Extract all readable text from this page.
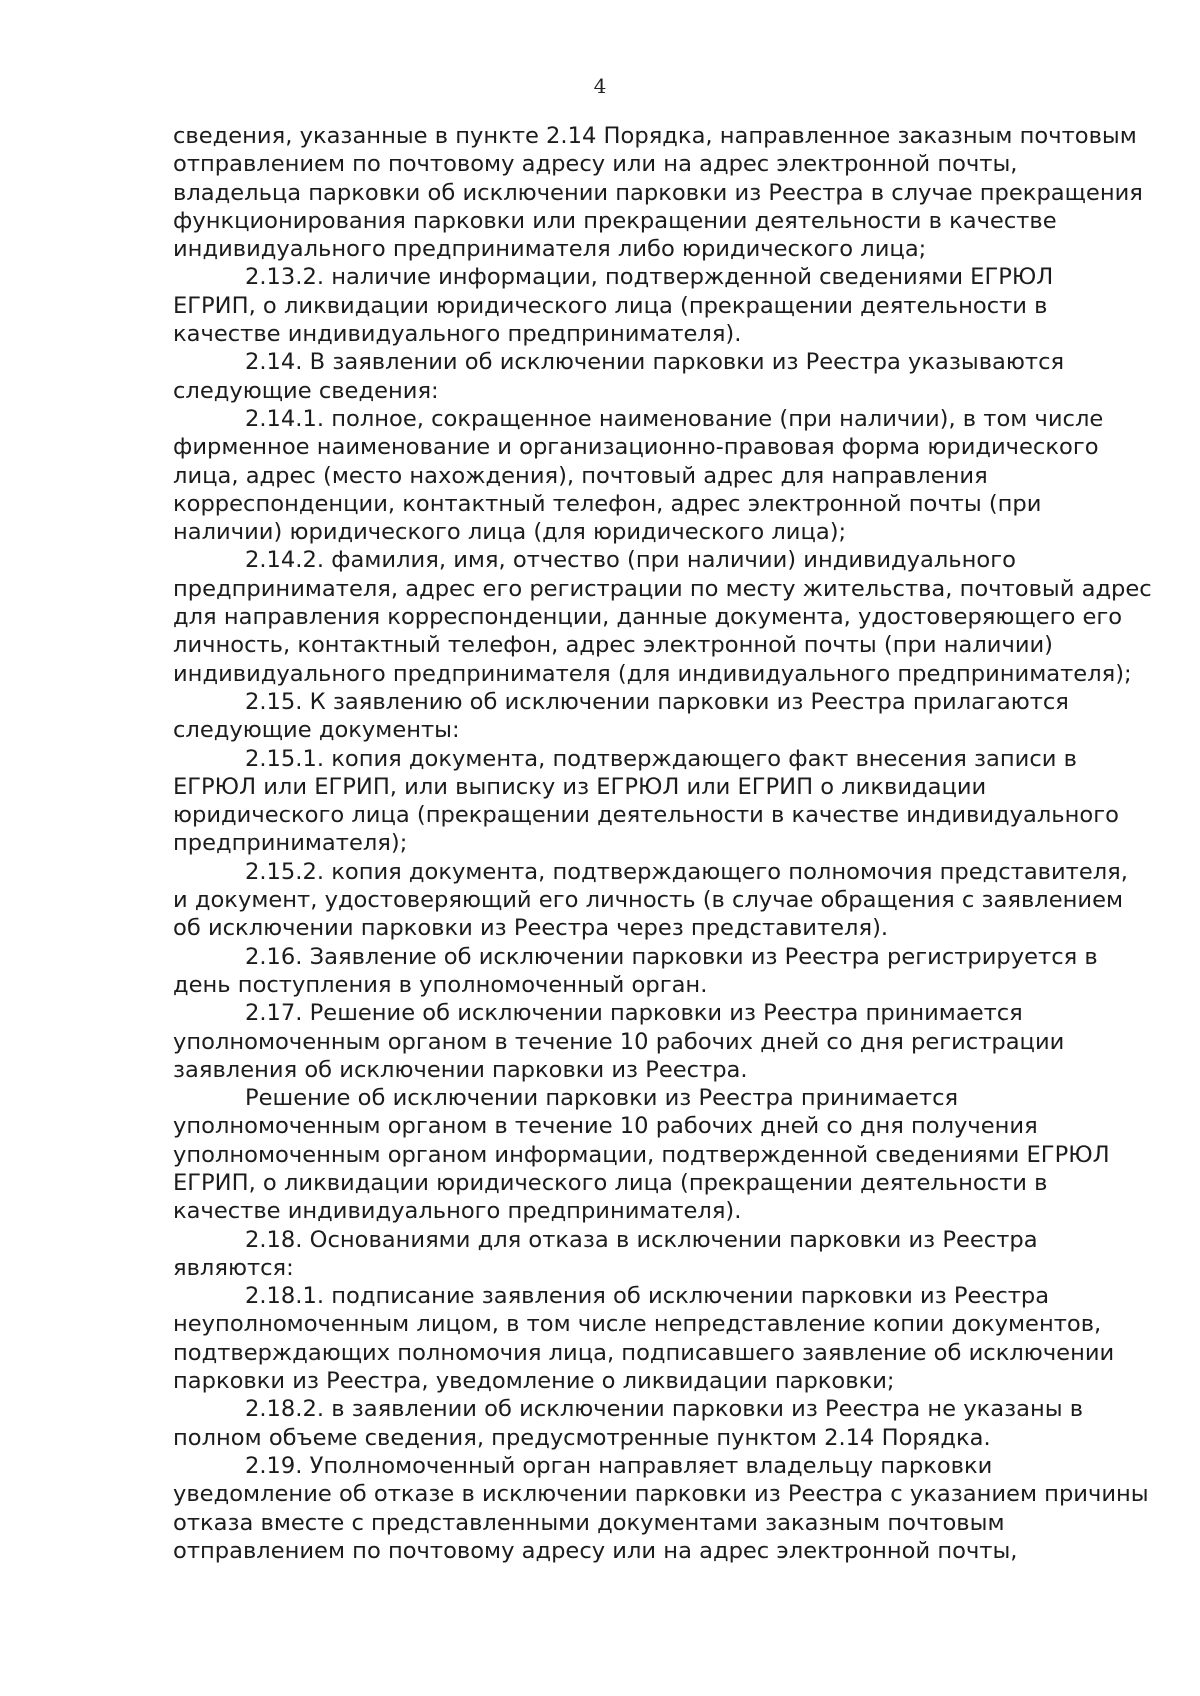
4

сведения, указанные в пункте 2.14 Порядка, направленное заказным почтовым
отправлением по почтовому адресу или на адрес электронной почты,
владельца парковки об исключении парковки из Реестра в случае прекращения
функционирования парковки или прекращении деятельности в качестве
индивидуального предпринимателя либо юридического лица;

2.13.2. наличие информации, подтвержденной сведениями ЕГРЮЛ
ЕГРИП, о ликвидации юридического лица (прекращении деятельности в
качестве индивидуального предпринимателя).

2.14. В заявлении об исключении парковки из Реестра указываются
следующие сведения:

2.14.1. полное, сокращенное наименование (при наличии), в том числе
фирменное наименование и организационно-правовая форма юридического
лица, адрес (место нахождения), почтовый адрес для направления
корреспонденции, контактный телефон, адрес электронной почты (при
наличии) юридического лица (для юридического лица);

2.14.2. фамилия, имя, отчество (при наличии) индивидуального
предпринимателя, адрес его регистрации по месту жительства, почтовый адрес
для направления корреспонденции, данные документа, удостоверяющего его
личность, контактный телефон, адрес электронной почты (при наличии)
индивидуального предпринимателя (для индивидуального предпринимателя);

2.15. К заявлению об исключении парковки из Реестра прилагаются
следующие документы:

2.15.1. копия документа, подтверждающего факт внесения записи в
ЕГРЮЛ или ЕГРИП, или выписку из ЕГРЮЛ или ЕГРИП о ликвидации
юридического лица (прекращении деятельности в качестве индивидуального
предпринимателя);

2.15.2. копия документа, подтверждающего полномочия представителя,
и документ, удостоверяющий его личность (в случае обращения с заявлением
об исключении парковки из Реестра через представителя).

2.16. Заявление об исключении парковки из Реестра регистрируется в
день поступления в уполномоченный орган.

2.17. Решение об исключении парковки из Реестра принимается
уполномоченным органом в течение 10 рабочих дней со дня регистрации
заявления об исключении парковки из Реестра.

Решение об исключении парковки из Реестра принимается
уполномоченным органом в течение 10 рабочих дней со дня получения
уполномоченным органом информации, подтвержденной сведениями ЕГРЮЛ
ЕГРИП, о ликвидации юридического лица (прекращении деятельности в
качестве индивидуального предпринимателя).

2.18. Основаниями для отказа в исключении парковки из Реестра
являются:

2.18.1. подписание заявления об исключении парковки из Реестра
неуполномоченным лицом, в том числе непредставление копии документов,
подтверждающих полномочия лица, подписавшего заявление об исключении
парковки из Реестра, уведомление о ликвидации парковки;

2.18.2. в заявлении об исключении парковки из Реестра не указаны в
полном объеме сведения, предусмотренные пунктом 2.14 Порядка.

2.19. Уполномоченный орган направляет владельцу парковки
уведомление об отказе в исключении парковки из Реестра с указанием причины
отказа вместе с представленными документами заказным почтовым
отправлением по почтовому адресу или на адрес электронной почты,
